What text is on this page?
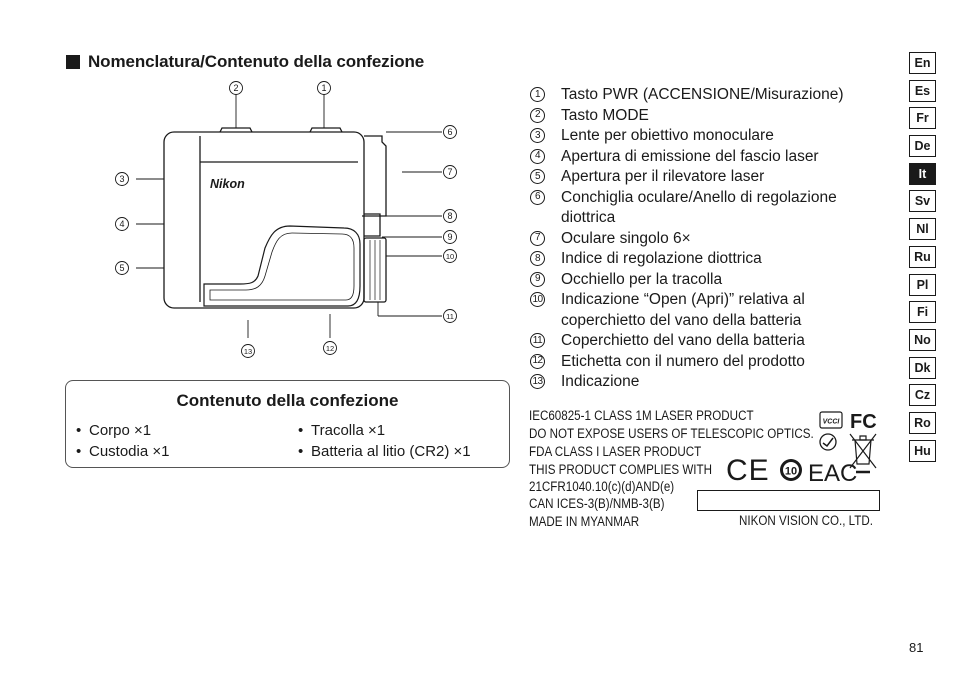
Nomenclatura/Contenuto della confezione
Nikon
2	1
3
4
5
6
7
8
9
10
11
12
13
1	Tasto PWR (ACCENSIONE/Misurazione)
2	Tasto MODE
3	Lente per obiettivo monoculare
4	Apertura di emissione del fascio laser
5	Apertura per il rilevatore laser
6	Conchiglia oculare/Anello di regolazione diottrica
7	Oculare singolo 6×
8	Indice di regolazione diottrica
9	Occhiello per la tracolla
10 Indicazione “Open (Apri)” relativa al coperchietto del vano della batteria
11 Coperchietto del vano della batteria
12 Etichetta con il numero del prodotto
13 Indicazione
Contenuto della confezione
• Corpo ×1
• Custodia ×1
• Tracolla ×1
• Batteria al litio (CR2) ×1
IEC60825-1 CLASS 1M LASER PRODUCT
DO NOT EXPOSE USERS OF TELESCOPIC OPTICS.
FDA CLASS I LASER PRODUCT
THIS PRODUCT COMPLIES WITH
21CFR1040.10(c)(d)AND(e)
CAN ICES-3(B)/NMB-3(B)
MADE IN MYANMAR	NIKON VISION CO., LTD.
VCCI FC
CE 10 EAC
En
Es
Fr
De
It
Sv
Nl
Ru
Pl
Fi
No
Dk
Cz
Ro
Hu
81
